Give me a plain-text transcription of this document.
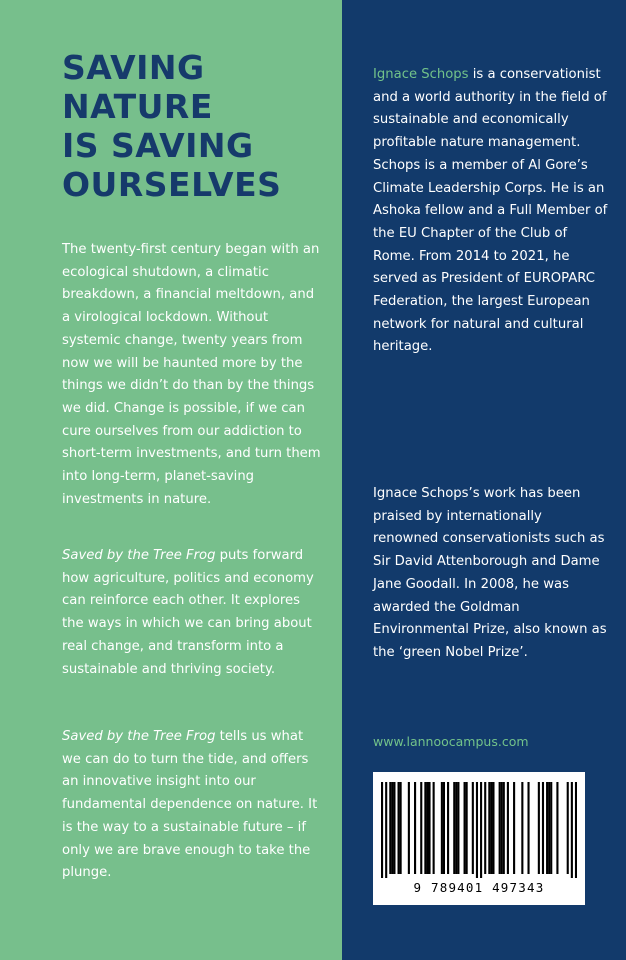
SAVING
NATURE
IS SAVING
OURSELVES

The twenty-first century began with an ecological shutdown, a climatic breakdown, a financial meltdown, and a virological lockdown. Without systemic change, twenty years from now we will be haunted more by the things we didn’t do than by the things we did. Change is possible, if we can cure ourselves from our addiction to short-term investments, and turn them into long-term, planet-saving investments in nature.

Saved by the Tree Frog puts forward how agriculture, politics and economy can reinforce each other. It explores the ways in which we can bring about real change, and transform into a sustainable and thriving society.

Saved by the Tree Frog tells us what we can do to turn the tide, and offers an innovative insight into our fundamental dependence on nature. It is the way to a sustainable future – if only we are brave enough to take the plunge.

Ignace Schops is a conservationist and a world authority in the field of sustainable and economically profitable nature management. Schops is a member of Al Gore’s Climate Leadership Corps. He is an Ashoka fellow and a Full Member of the EU Chapter of the Club of Rome. From 2014 to 2021, he served as President of EUROPARC Federation, the largest European network for natural and cultural heritage.

Ignace Schops’s work has been praised by internationally renowned conservationists such as Sir David Attenborough and Dame Jane Goodall. In 2008, he was awarded the Goldman Environmental Prize, also known as the ‘green Nobel Prize’.

www.lannoocampus.com

9 789401 497343
